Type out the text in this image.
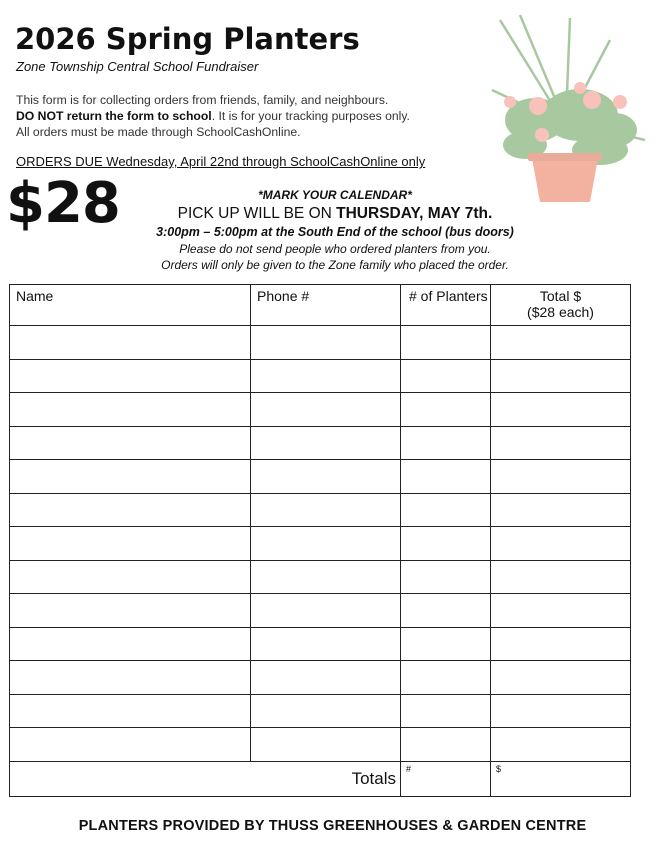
2026 Spring Planters
Zone Township Central School Fundraiser
This form is for collecting orders from friends, family, and neighbours.
DO NOT return the form to school. It is for your tracking purposes only.
All orders must be made through SchoolCashOnline.
ORDERS DUE Wednesday, April 22nd through SchoolCashOnline only
$28	*MARK YOUR CALENDAR*
PICK UP WILL BE ON THURSDAY, MAY 7th.
3:00pm – 5:00pm at the South End of the school (bus doors)
Please do not send people who ordered planters from you.
Orders will only be given to the Zone family who placed the order.
Name	Phone #	# of Planters	Total $
($28 each)

Totals		#	$
PLANTERS PROVIDED BY THUSS GREENHOUSES & GARDEN CENTRE
